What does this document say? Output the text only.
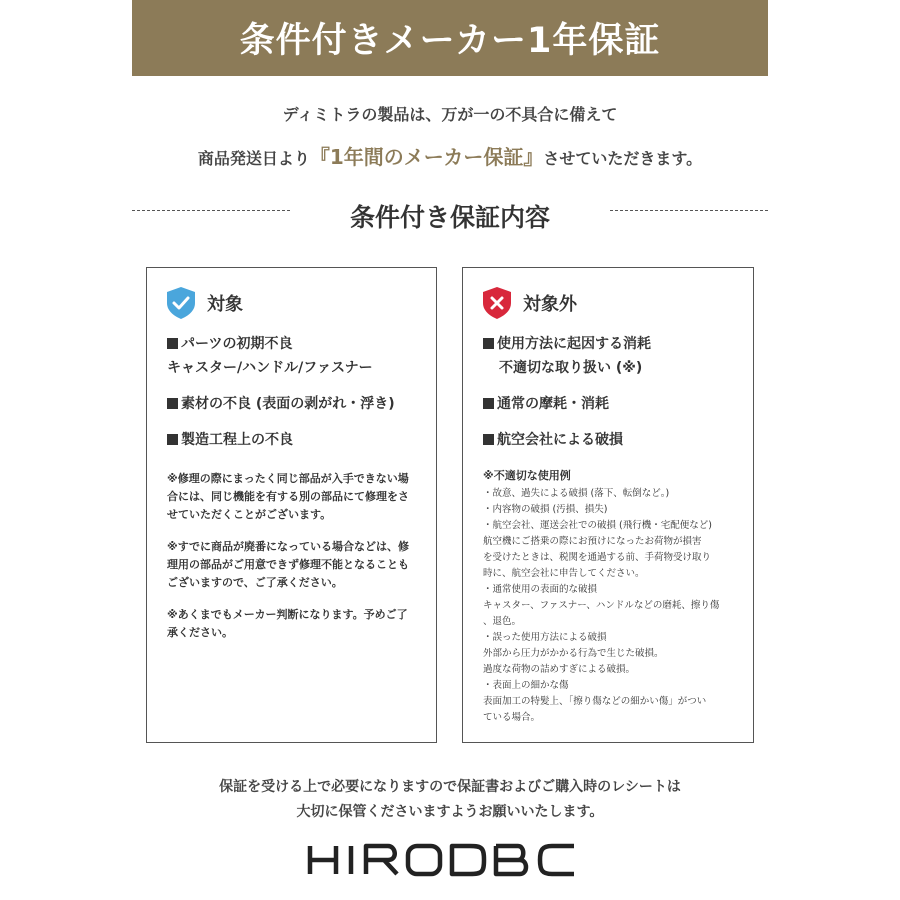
条件付きメーカー1年保証
ディミトラの製品は、万が一の不具合に備えて
商品発送日より『1年間のメーカー保証』させていただきます。
条件付き保証内容
対象
パーツの初期不良
キャスター/ハンドル/ファスナー
素材の不良 (表面の剥がれ・浮き)
製造工程上の不良
※修理の際にまったく同じ部品が入手できない場合には、同じ機能を有する別の部品にて修理をさせていただくことがございます。
※すでに商品が廃番になっている場合などは、修理用の部品がご用意できず修理不能となることもございますので、ご了承ください。
※あくまでもメーカー判断になります。予めご了承ください。
対象外
使用方法に起因する消耗
不適切な取り扱い (※)
通常の摩耗・消耗
航空会社による破損
※不適切な使用例
・故意、過失による破損 (落下、転倒など。)
・内容物の破損 (汚損、損失)
・航空会社、運送会社での破損 (飛行機・宅配便など)
航空機にご搭乗の際にお預けになったお荷物が損害
を受けたときは、税関を通過する前、手荷物受け取り
時に、航空会社に申告してください。
・通常使用の表面的な破損
キャスター、ファスナー、ハンドルなどの磨耗、擦り傷
、退色。
・誤った使用方法による破損
外部から圧力がかかる行為で生じた破損。
過度な荷物の詰めすぎによる破損。
・表面上の細かな傷
表面加工の特髪上、「擦り傷などの細かい傷」がつい
ている場合。
保証を受ける上で必要になりますので保証書およびご購入時のレシートは
大切に保管くださいますようお願いいたします。
